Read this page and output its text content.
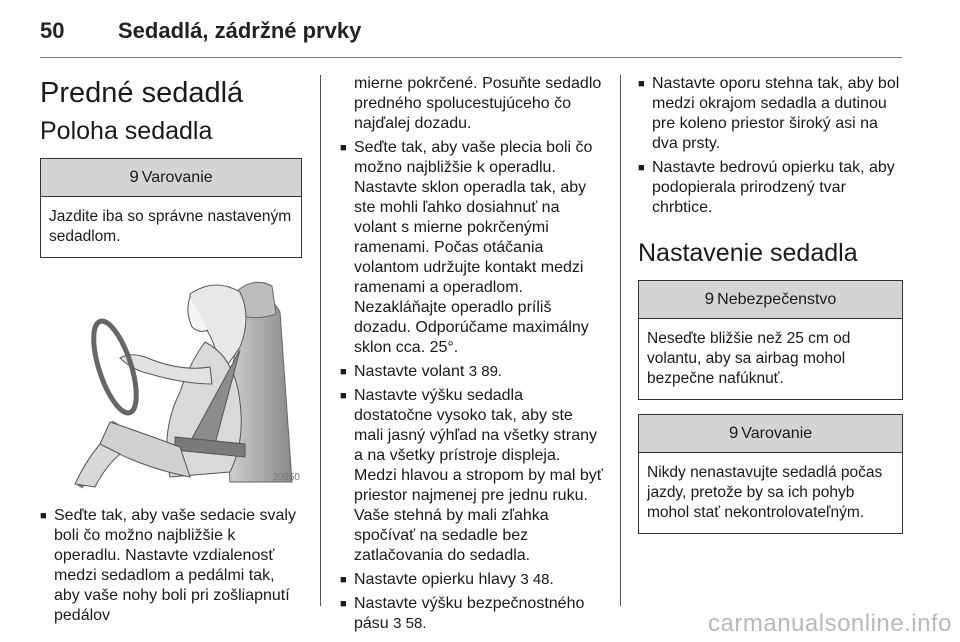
50 Sedadlá, zádržné prvky
Predné sedadlá
Poloha sedadla
9 Varovanie
Jazdite iba so správne nastaveným sedadlom.
30050
■ Seďte tak, aby vaše sedacie svaly boli čo možno najbližšie k operadlu. Nastavte vzdialenosť medzi sedadlom a pedálmi tak, aby vaše nohy boli pri zošliapnutí pedálov
mierne pokrčené. Posuňte sedadlo predného spolucestujúceho čo najďalej dozadu.
■ Seďte tak, aby vaše plecia boli čo možno najbližšie k operadlu. Nastavte sklon operadla tak, aby ste mohli ľahko dosiahnuť na volant s mierne pokrčenými ramenami. Počas otáčania volantom udržujte kontakt medzi ramenami a operadlom. Nezakláňajte operadlo príliš dozadu. Odporúčame maximálny sklon cca. 25°.
■ Nastavte volant 3 89.
■ Nastavte výšku sedadla dostatočne vysoko tak, aby ste mali jasný výhľad na všetky strany a na všetky prístroje displeja. Medzi hlavou a stropom by mal byť priestor najmenej pre jednu ruku. Vaše stehná by mali zľahka spočívať na sedadle bez zatlačovania do sedadla.
■ Nastavte opierku hlavy 3 48.
■ Nastavte výšku bezpečnostného pásu 3 58.
■ Nastavte oporu stehna tak, aby bol medzi okrajom sedadla a dutinou pre koleno priestor široký asi na dva prsty.
■ Nastavte bedrovú opierku tak, aby podopierala prirodzený tvar chrbtice.
Nastavenie sedadla
9 Nebezpečenstvo
Neseďte bližšie než 25 cm od volantu, aby sa airbag mohol bezpečne nafúknuť.
9 Varovanie
Nikdy nenastavujte sedadlá počas jazdy, pretože by sa ich pohyb mohol stať nekontrolovateľným.
carmanualsonline.info
